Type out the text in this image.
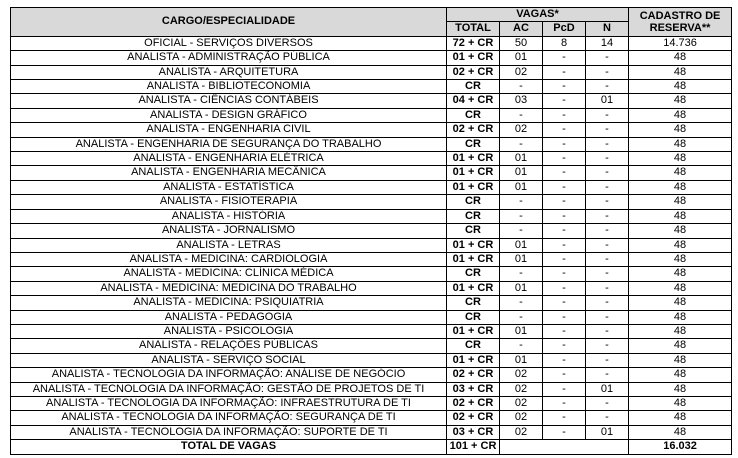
CARGO/ESPECIALIDADE	VAGAS*				CADASTRO DE RESERVA**
	TOTAL	AC	PcD	N	
OFICIAL - SERVIÇOS DIVERSOS	72 + CR	50	8	14	14.736
ANALISTA - ADMINISTRAÇÃO PÚBLICA	01 + CR	01	-	-	48
ANALISTA - ARQUITETURA	02 + CR	02	-	-	48
ANALISTA - BIBLIOTECONOMIA	CR	-	-	-	48
ANALISTA - CIÊNCIAS CONTÁBEIS	04 + CR	03	-	01	48
ANALISTA - DESIGN GRÁFICO	CR	-	-	-	48
ANALISTA - ENGENHARIA CIVIL	02 + CR	02	-	-	48
ANALISTA - ENGENHARIA DE SEGURANÇA DO TRABALHO	CR	-	-	-	48
ANALISTA - ENGENHARIA ELÉTRICA	01 + CR	01	-	-	48
ANALISTA - ENGENHARIA MECÂNICA	01 + CR	01	-	-	48
ANALISTA - ESTATÍSTICA	01 + CR	01	-	-	48
ANALISTA - FISIOTERAPIA	CR	-	-	-	48
ANALISTA - HISTÓRIA	CR	-	-	-	48
ANALISTA - JORNALISMO	CR	-	-	-	48
ANALISTA - LETRAS	01 + CR	01	-	-	48
ANALISTA - MEDICINA: CARDIOLOGIA	01 + CR	01	-	-	48
ANALISTA - MEDICINA: CLÍNICA MÉDICA	CR	-	-	-	48
ANALISTA - MEDICINA: MEDICINA DO TRABALHO	01 + CR	01	-	-	48
ANALISTA - MEDICINA: PSIQUIATRIA	CR	-	-	-	48
ANALISTA - PEDAGOGIA	CR	-	-	-	48
ANALISTA - PSICOLOGIA	01 + CR	01	-	-	48
ANALISTA - RELAÇÕES PÚBLICAS	CR	-	-	-	48
ANALISTA - SERVIÇO SOCIAL	01 + CR	01	-	-	48
ANALISTA - TECNOLOGIA DA INFORMAÇÃO: ANÁLISE DE NEGÓCIO	02 + CR	02	-	-	48
ANALISTA - TECNOLOGIA DA INFORMAÇÃO: GESTÃO DE PROJETOS DE TI	03 + CR	02	-	01	48
ANALISTA - TECNOLOGIA DA INFORMAÇÃO: INFRAESTRUTURA DE TI	02 + CR	02	-	-	48
ANALISTA - TECNOLOGIA DA INFORMAÇÃO: SEGURANÇA DE TI	02 + CR	02	-	-	48
ANALISTA - TECNOLOGIA DA INFORMAÇÃO: SUPORTE DE TI	03 + CR	02	-	01	48
TOTAL DE VAGAS	101 + CR				16.032
